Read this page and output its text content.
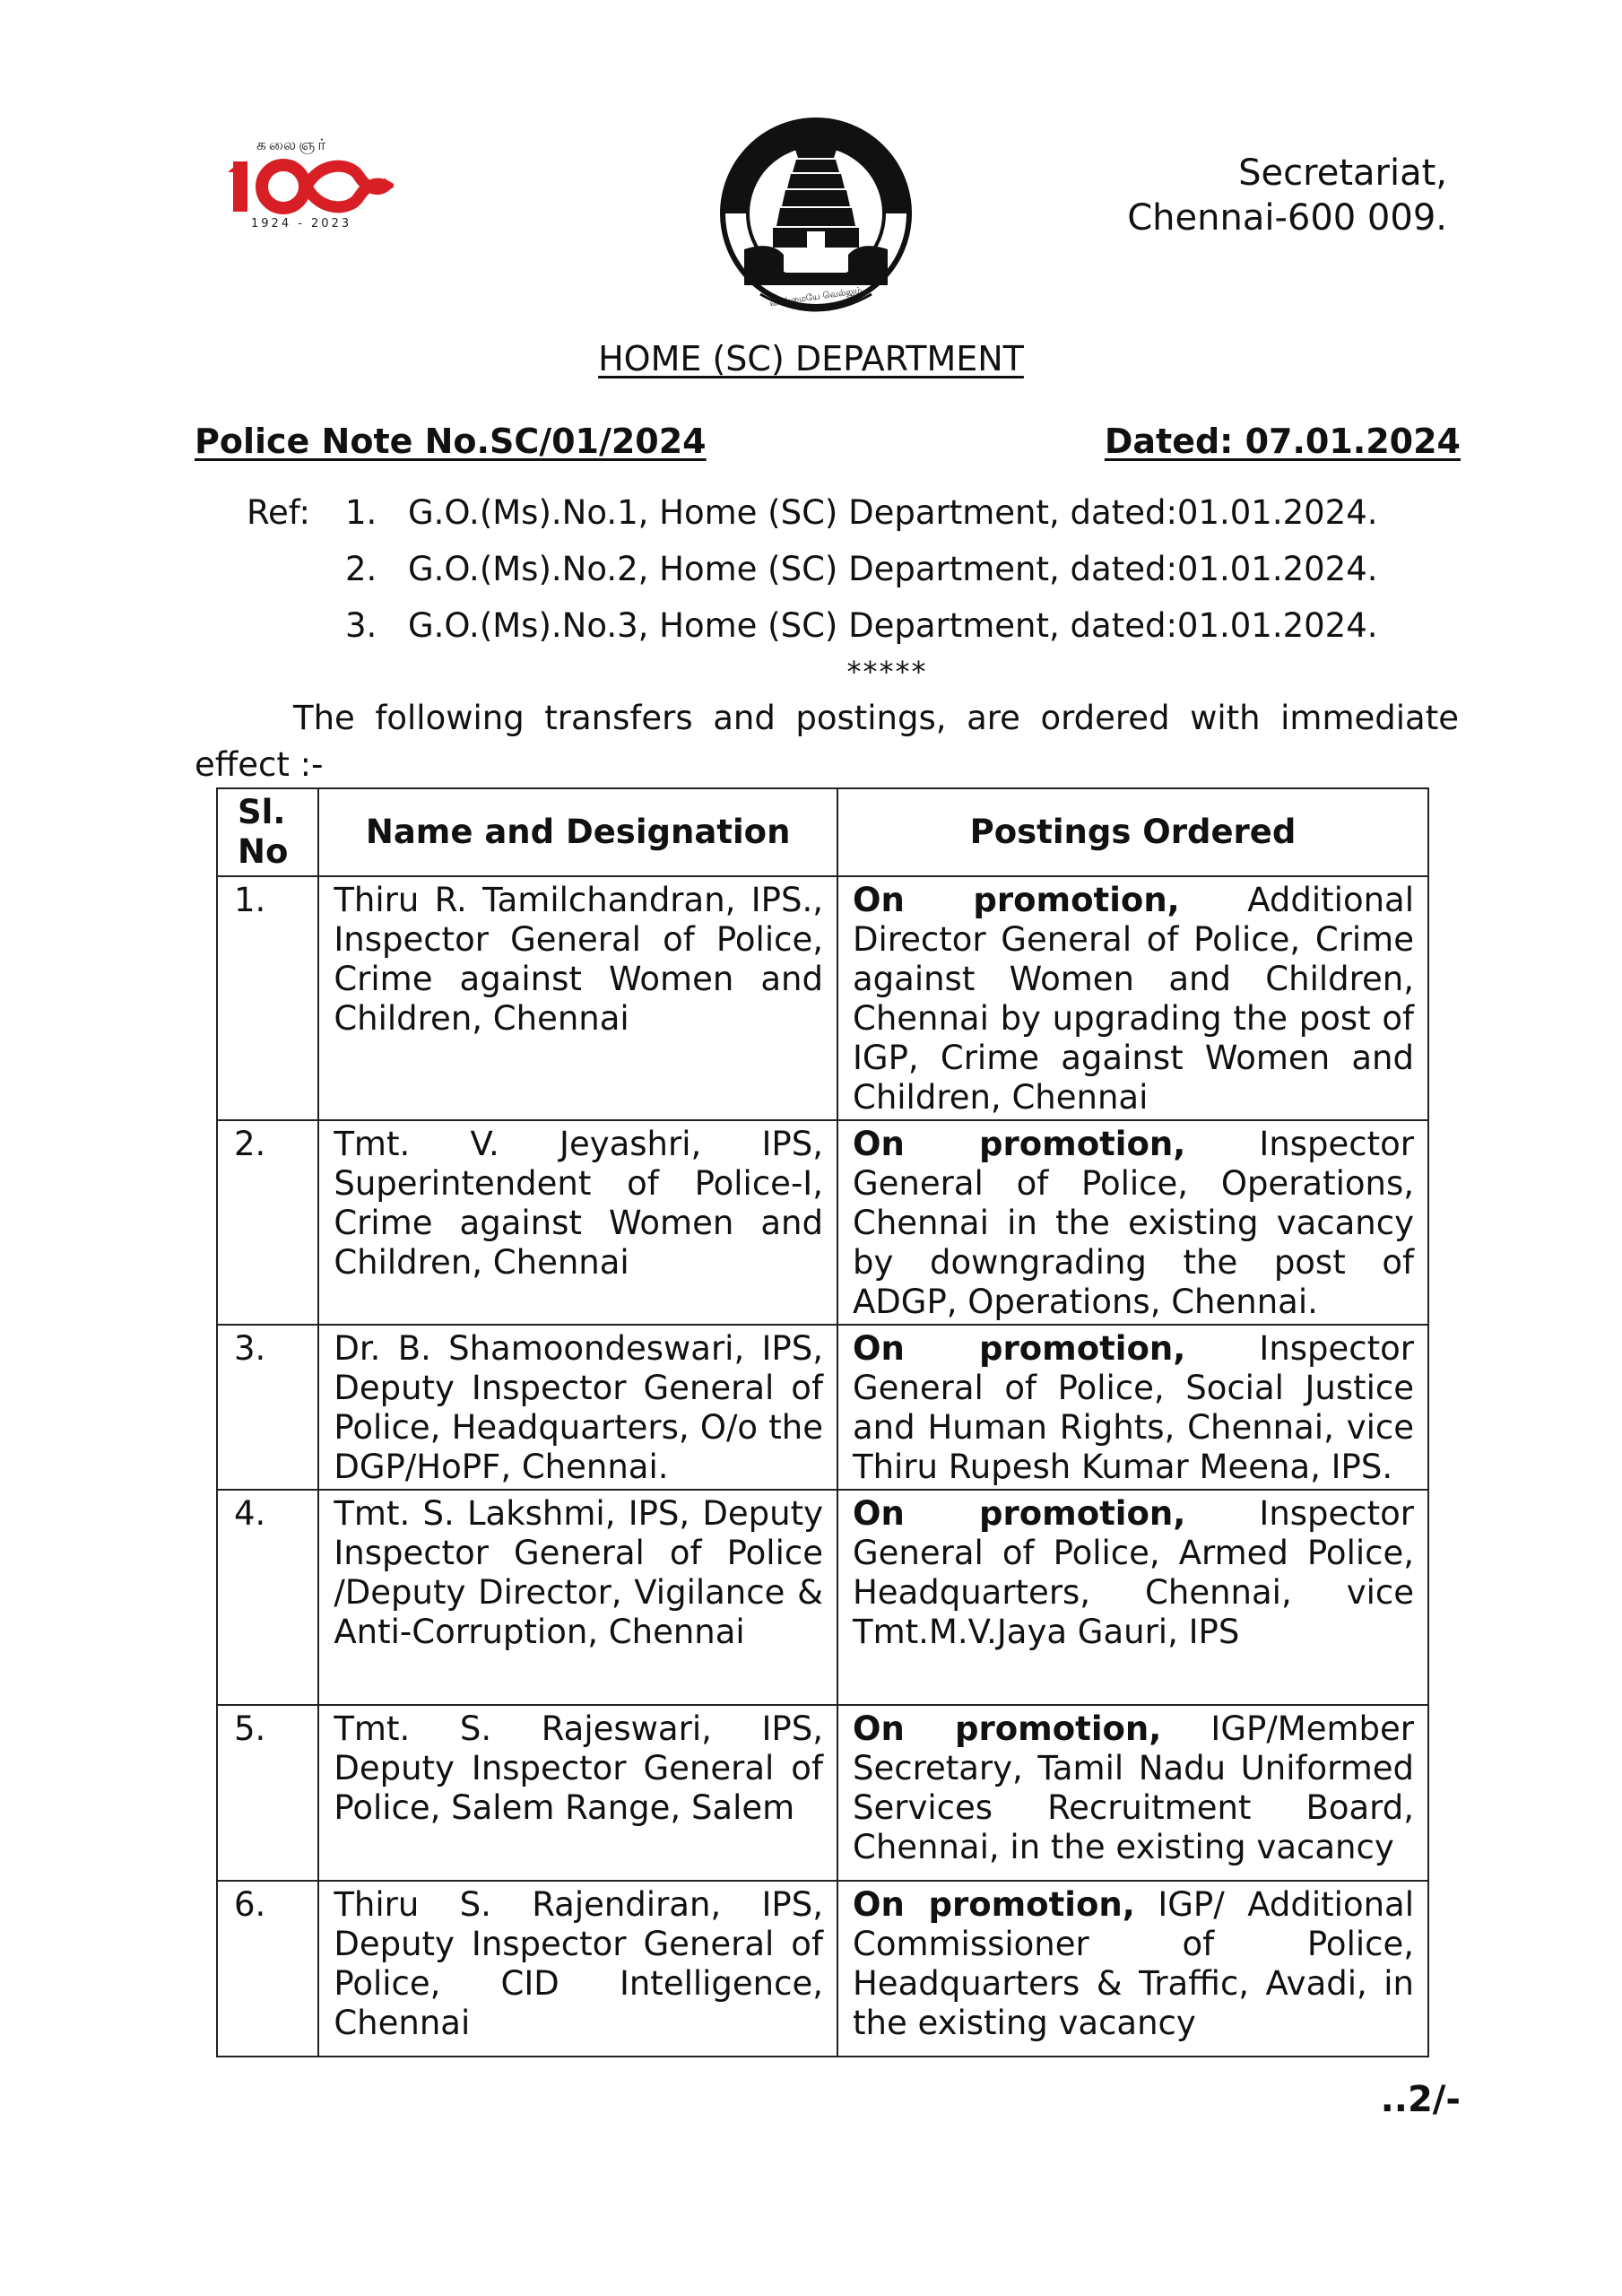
கலைஞர்
1924 - 2023
வாய்மையே வெல்லும்
Secretariat,
Chennai-600 009.
HOME (SC) DEPARTMENT
Police Note No.SC/01/2024	Dated: 07.01.2024
Ref:	1. G.O.(Ms).No.1, Home (SC) Department, dated:01.01.2024.
2. G.O.(Ms).No.2, Home (SC) Department, dated:01.01.2024.
3. G.O.(Ms).No.3, Home (SC) Department, dated:01.01.2024.
*****
The following transfers and postings, are ordered with immediate effect :-
Sl. No	Name and Designation	Postings Ordered
1.	Thiru R. Tamilchandran, IPS., Inspector General of Police, Crime against Women and Children, Chennai	On promotion, Additional Director General of Police, Crime against Women and Children, Chennai by upgrading the post of IGP, Crime against Women and Children, Chennai
2.	Tmt. V. Jeyashri, IPS, Superintendent of Police-I, Crime against Women and Children, Chennai	On promotion, Inspector General of Police, Operations, Chennai in the existing vacancy by downgrading the post of ADGP, Operations, Chennai.
3.	Dr. B. Shamoondeswari, IPS, Deputy Inspector General of Police, Headquarters, O/o the DGP/HoPF, Chennai.	On promotion, Inspector General of Police, Social Justice and Human Rights, Chennai, vice Thiru Rupesh Kumar Meena, IPS.
4.	Tmt. S. Lakshmi, IPS, Deputy Inspector General of Police /Deputy Director, Vigilance & Anti-Corruption, Chennai	On promotion, Inspector General of Police, Armed Police, Headquarters, Chennai, vice Tmt.M.V.Jaya Gauri, IPS
5.	Tmt. S. Rajeswari, IPS, Deputy Inspector General of Police, Salem Range, Salem	On promotion, IGP/Member Secretary, Tamil Nadu Uniformed Services Recruitment Board, Chennai, in the existing vacancy
6.	Thiru S. Rajendiran, IPS, Deputy Inspector General of Police, CID Intelligence, Chennai	On promotion, IGP/ Additional Commissioner of Police, Headquarters & Traffic, Avadi, in the existing vacancy
..2/-
